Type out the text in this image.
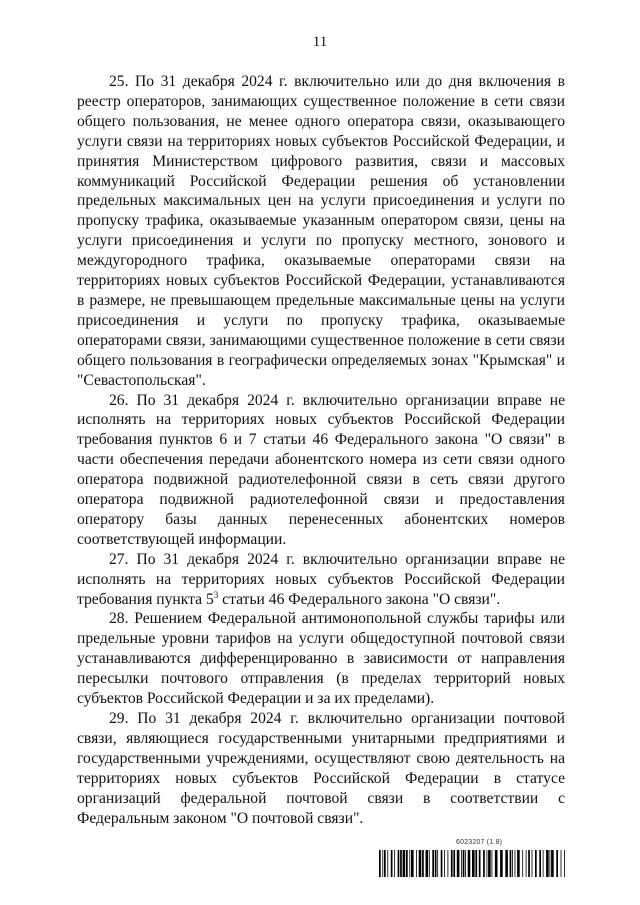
11

25. По 31 декабря 2024 г. включительно или до дня включения в реестр операторов, занимающих существенное положение в сети связи общего пользования, не менее одного оператора связи, оказывающего услуги связи на территориях новых субъектов Российской Федерации, и принятия Министерством цифрового развития, связи и массовых коммуникаций Российской Федерации решения об установлении предельных максимальных цен на услуги присоединения и услуги по пропуску трафика, оказываемые указанным оператором связи, цены на услуги присоединения и услуги по пропуску местного, зонового и междугородного трафика, оказываемые операторами связи на территориях новых субъектов Российской Федерации, устанавливаются в размере, не превышающем предельные максимальные цены на услуги присоединения и услуги по пропуску трафика, оказываемые операторами связи, занимающими существенное положение в сети связи общего пользования в географически определяемых зонах "Крымская" и "Севастопольская".

26. По 31 декабря 2024 г. включительно организации вправе не исполнять на территориях новых субъектов Российской Федерации требования пунктов 6 и 7 статьи 46 Федерального закона "О связи" в части обеспечения передачи абонентского номера из сети связи одного оператора подвижной радиотелефонной связи в сеть связи другого оператора подвижной радиотелефонной связи и предоставления оператору базы данных перенесенных абонентских номеров соответствующей информации.

27. По 31 декабря 2024 г. включительно организации вправе не исполнять на территориях новых субъектов Российской Федерации требования пункта $5^3$ статьи 46 Федерального закона "О связи".

28. Решением Федеральной антимонопольной службы тарифы или предельные уровни тарифов на услуги общедоступной почтовой связи устанавливаются дифференцированно в зависимости от направления пересылки почтового отправления (в пределах территорий новых субъектов Российской Федерации и за их пределами).

29. По 31 декабря 2024 г. включительно организации почтовой связи, являющиеся государственными унитарными предприятиями и государственными учреждениями, осуществляют свою деятельность на территориях новых субъектов Российской Федерации в статусе организаций федеральной почтовой связи в соответствии с Федеральным законом "О почтовой связи".

6023207 (1.8)
